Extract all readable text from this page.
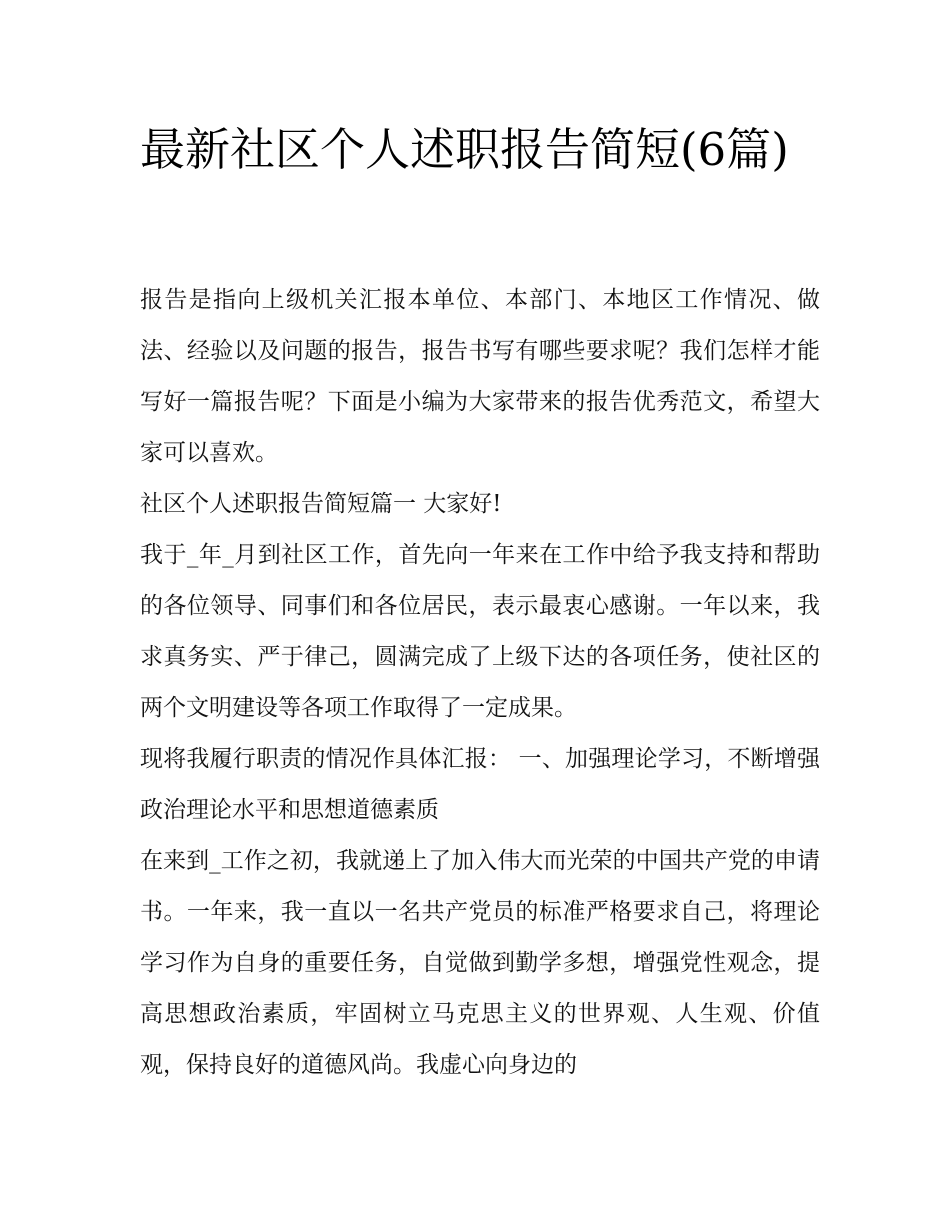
最新社区个人述职报告简短(6篇)

报告是指向上级机关汇报本单位、本部门、本地区工作情况、做法、经验以及问题的报告，报告书写有哪些要求呢？我们怎样才能写好一篇报告呢？下面是小编为大家带来的报告优秀范文，希望大家可以喜欢。

社区个人述职报告简短篇一 大家好!

我于_年_月到社区工作，首先向一年来在工作中给予我支持和帮助的各位领导、同事们和各位居民，表示最衷心感谢。一年以来，我求真务实、严于律己，圆满完成了上级下达的各项任务，使社区的两个文明建设等各项工作取得了一定成果。

现将我履行职责的情况作具体汇报： 一、加强理论学习，不断增强政治理论水平和思想道德素质

在来到_工作之初，我就递上了加入伟大而光荣的中国共产党的申请书。一年来，我一直以一名共产党员的标准严格要求自己，将理论学习作为自身的重要任务，自觉做到勤学多想，增强党性观念，提高思想政治素质，牢固树立马克思主义的世界观、人生观、价值观，保持良好的道德风尚。我虚心向身边的
